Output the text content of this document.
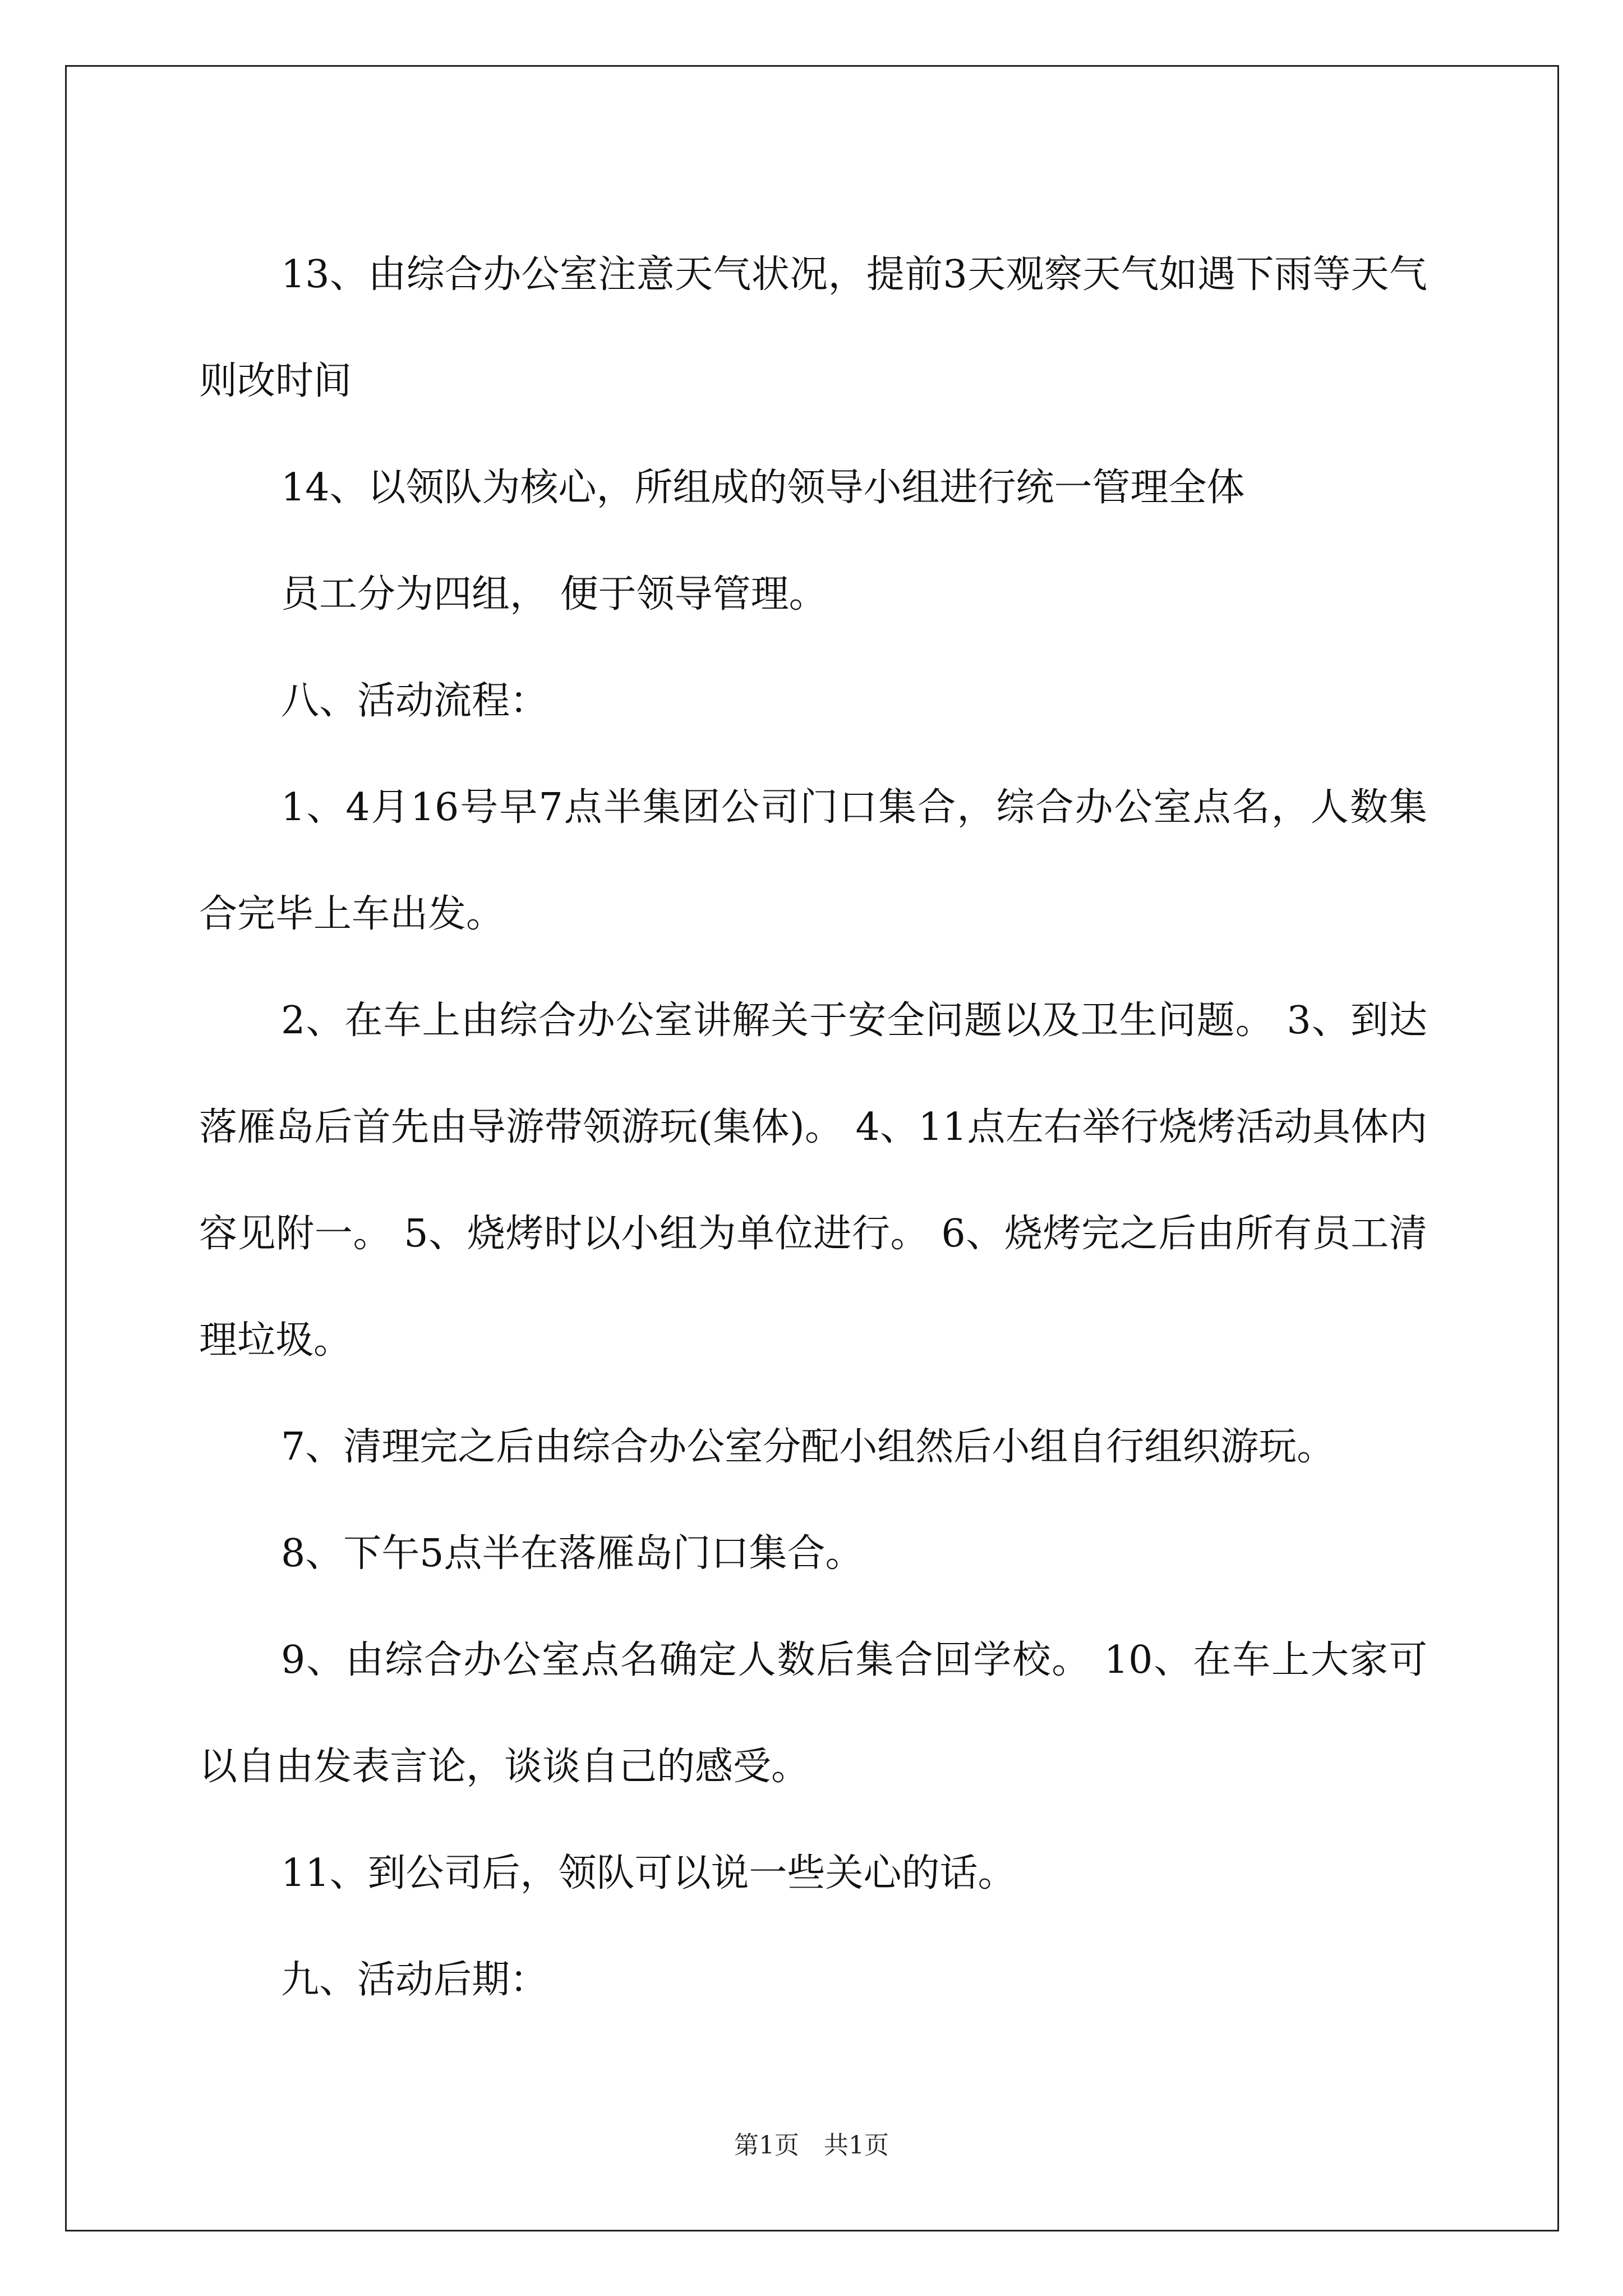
13、由综合办公室注意天气状况，提前3天观察天气如遇下雨等天气则改时间

14、以领队为核心，所组成的领导小组进行统一管理全体

员工分为四组， 便于领导管理。

八、活动流程：

1、4月16号早7点半集团公司门口集合，综合办公室点名，人数集合完毕上车出发。

2、在车上由综合办公室讲解关于安全问题以及卫生问题。 3、到达落雁岛后首先由导游带领游玩(集体)。 4、11点左右举行烧烤活动具体内容见附一。 5、烧烤时以小组为单位进行。 6、烧烤完之后由所有员工清理垃圾。

7、清理完之后由综合办公室分配小组然后小组自行组织游玩。

8、下午5点半在落雁岛门口集合。

9、由综合办公室点名确定人数后集合回学校。 10、在车上大家可以自由发表言论，谈谈自己的感受。

11、到公司后，领队可以说一些关心的话。

九、活动后期：

第1页　共1页
